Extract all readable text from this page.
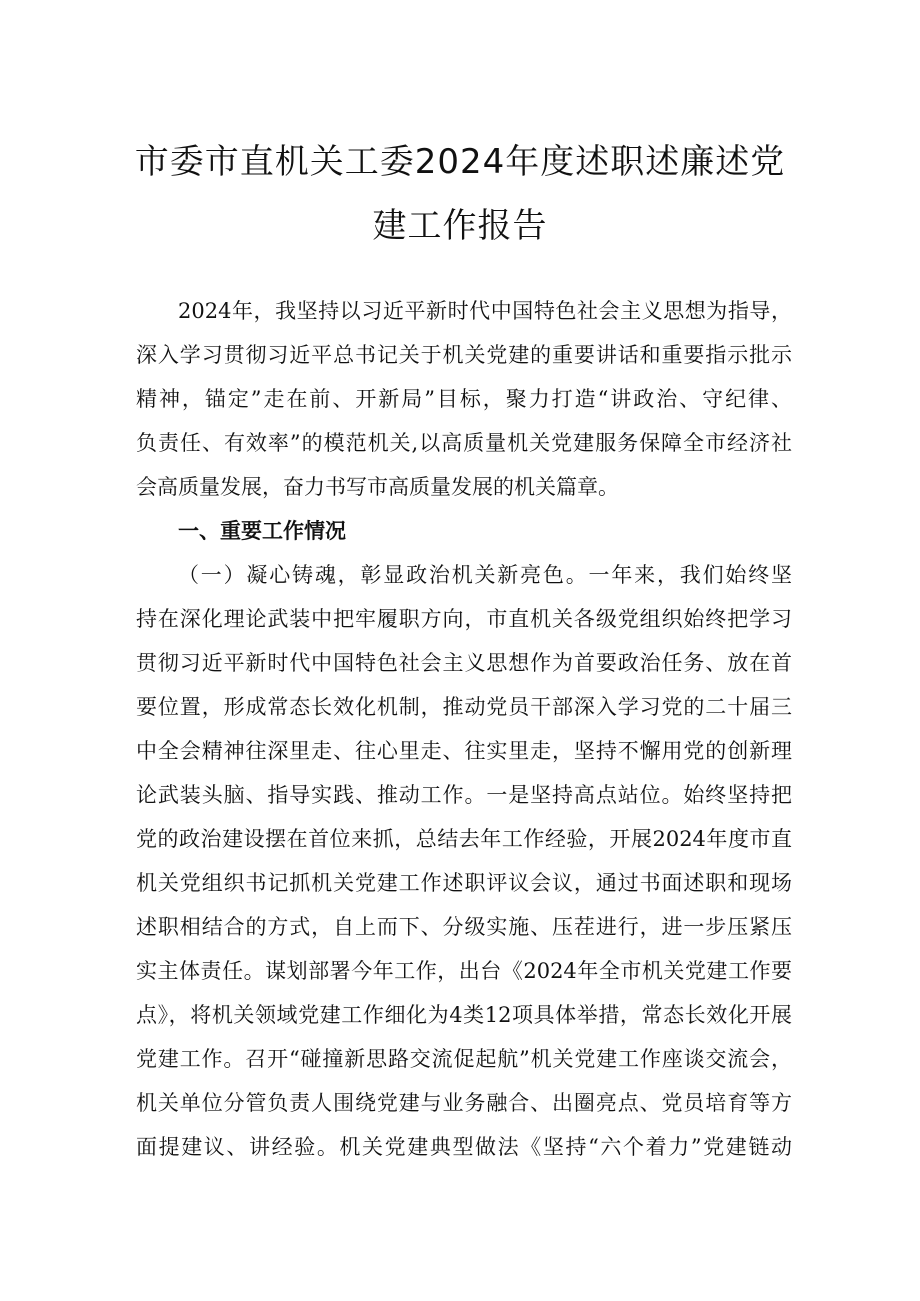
市委市直机关工委2024年度述职述廉述党
建工作报告
2024年，我坚持以习近平新时代中国特色社会主义思想为指导，
深入学习贯彻习近平总书记关于机关党建的重要讲话和重要指示批示
精神，锚定”走在前、开新局”目标，聚力打造“讲政治、守纪律、
负责任、有效率”的模范机关,以高质量机关党建服务保障全市经济社
会高质量发展，奋力书写市高质量发展的机关篇章。
一、重要工作情况
（一）凝心铸魂，彰显政治机关新亮色。一年来，我们始终坚
持在深化理论武装中把牢履职方向，市直机关各级党组织始终把学习
贯彻习近平新时代中国特色社会主义思想作为首要政治任务、放在首
要位置，形成常态长效化机制，推动党员干部深入学习党的二十届三
中全会精神往深里走、往心里走、往实里走，坚持不懈用党的创新理
论武装头脑、指导实践、推动工作。一是坚持高点站位。始终坚持把
党的政治建设摆在首位来抓，总结去年工作经验，开展2024年度市直
机关党组织书记抓机关党建工作述职评议会议，通过书面述职和现场
述职相结合的方式，自上而下、分级实施、压茬进行，进一步压紧压
实主体责任。谋划部署今年工作，出台《2024年全市机关党建工作要
点》，将机关领域党建工作细化为4类12项具体举措，常态长效化开展
党建工作。召开“碰撞新思路交流促起航”机关党建工作座谈交流会，
机关单位分管负责人围绕党建与业务融合、出圈亮点、党员培育等方
面提建议、讲经验。机关党建典型做法《坚持“六个着力”党建链动
